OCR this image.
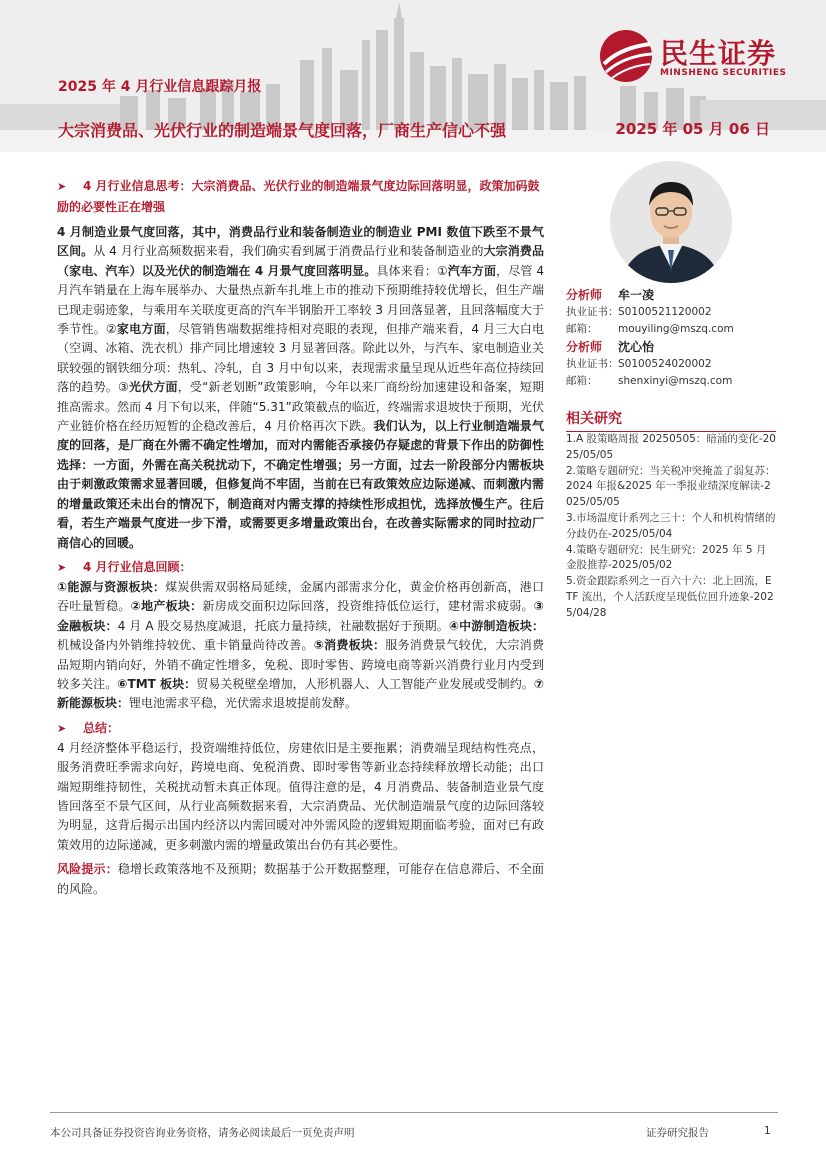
2025 年 4 月行业信息跟踪月报
大宗消费品、光伏行业的制造端景气度回落，厂商生产信心不强	2025 年 05 月 06 日
民生证券
MINSHENG SECURITIES
➤ 4 月行业信息思考：大宗消费品、光伏行业的制造端景气度边际回落明显，政策加码鼓励的必要性正在增强

4 月制造业景气度回落，其中，消费品行业和装备制造业的制造业 PMI 数值下跌至不景气区间。从 4 月行业高频数据来看，我们确实看到属于消费品行业和装备制造业的大宗消费品（家电、汽车）以及光伏的制造端在 4 月景气度回落明显。具体来看：①汽车方面，尽管 4 月汽车销量在上海车展举办、大量热点新车扎堆上市的推动下预期维持较优增长，但生产端已现走弱迹象，与乘用车关联度更高的汽车半钢胎开工率较 3 月回落显著，且回落幅度大于季节性。②家电方面，尽管销售端数据维持相对亮眼的表现，但排产端来看，4 月三大白电（空调、冰箱、洗衣机）排产同比增速较 3 月显著回落。除此以外，与汽车、家电制造业关联较强的钢铁细分项：热轧、冷轧，自 3 月中旬以来，表现需求量呈现从近些年高位持续回落的趋势。③光伏方面，受“新老划断”政策影响，今年以来厂商纷纷加速建设和备案，短期推高需求。然而 4 月下旬以来，伴随“5.31”政策截点的临近，终端需求退坡快于预期，光伏产业链价格在经历短暂的企稳改善后，4 月价格再次下跌。我们认为，以上行业制造端景气度的回落，是厂商在外需不确定性增加，而对内需能否承接仍存疑虑的背景下作出的防御性选择：一方面，外需在高关税扰动下，不确定性增强；另一方面，过去一阶段部分内需板块由于刺激政策需求显著回暖，但修复尚不牢固，当前在已有政策效应边际递减、而刺激内需的增量政策还未出台的情况下，制造商对内需支撑的持续性形成担忧，选择放慢生产。往后看，若生产端景气度进一步下滑，或需要更多增量政策出台，在改善实际需求的同时拉动厂商信心的回暖。

➤ 4 月行业信息回顾：

①能源与资源板块：煤炭供需双弱格局延续，金属内部需求分化，黄金价格再创新高，港口吞吐量暂稳。②地产板块：新房成交面积边际回落，投资维持低位运行，建材需求疲弱。③金融板块：4 月 A 股交易热度减退，托底力量持续，社融数据好于预期。④中游制造板块：机械设备内外销维持较优、重卡销量尚待改善。⑤消费板块：服务消费景气较优，大宗消费品短期内销向好，外销不确定性增多，免税、即时零售、跨境电商等新兴消费行业月内受到较多关注。⑥TMT 板块：贸易关税壁垒增加，人形机器人、人工智能产业发展或受制约。⑦新能源板块：锂电池需求平稳，光伏需求退坡提前发酵。

➤ 总结：

4 月经济整体平稳运行，投资端维持低位，房建依旧是主要拖累；消费端呈现结构性亮点，服务消费旺季需求向好，跨境电商、免税消费、即时零售等新业态持续释放增长动能；出口端短期维持韧性，关税扰动暂未真正体现。值得注意的是，4 月消费品、装备制造业景气度皆回落至不景气区间，从行业高频数据来看，大宗消费品、光伏制造端景气度的边际回落较为明显，这背后揭示出国内经济以内需回暖对冲外需风险的逻辑短期面临考验，面对已有政策效用的边际递减，更多刺激内需的增量政策出台仍有其必要性。

风险提示：稳增长政策落地不及预期；数据基于公开数据整理，可能存在信息滞后、不全面的风险。

分析师 牟一凌
执业证书：S0100521120002
邮箱： mouyiling@mszq.com
分析师 沈心怡
执业证书：S0100524020002
邮箱： shenxinyi@mszq.com
相关研究
1.A 股策略周报 20250505：暗涌的变化-2025/05/05
2.策略专题研究：当关税冲突掩盖了弱复苏：2024 年报&2025 年一季报业绩深度解读-2025/05/05
3.市场温度计系列之三十：个人和机构情绪的分歧仍在-2025/05/04
4.策略专题研究：民生研究：2025 年 5 月金股推荐-2025/05/02
5.资金跟踪系列之一百六十六：北上回流，ETF 流出，个人活跃度呈现低位回升迹象-2025/04/28
本公司具备证券投资咨询业务资格，请务必阅读最后一页免责声明	证券研究报告	1
